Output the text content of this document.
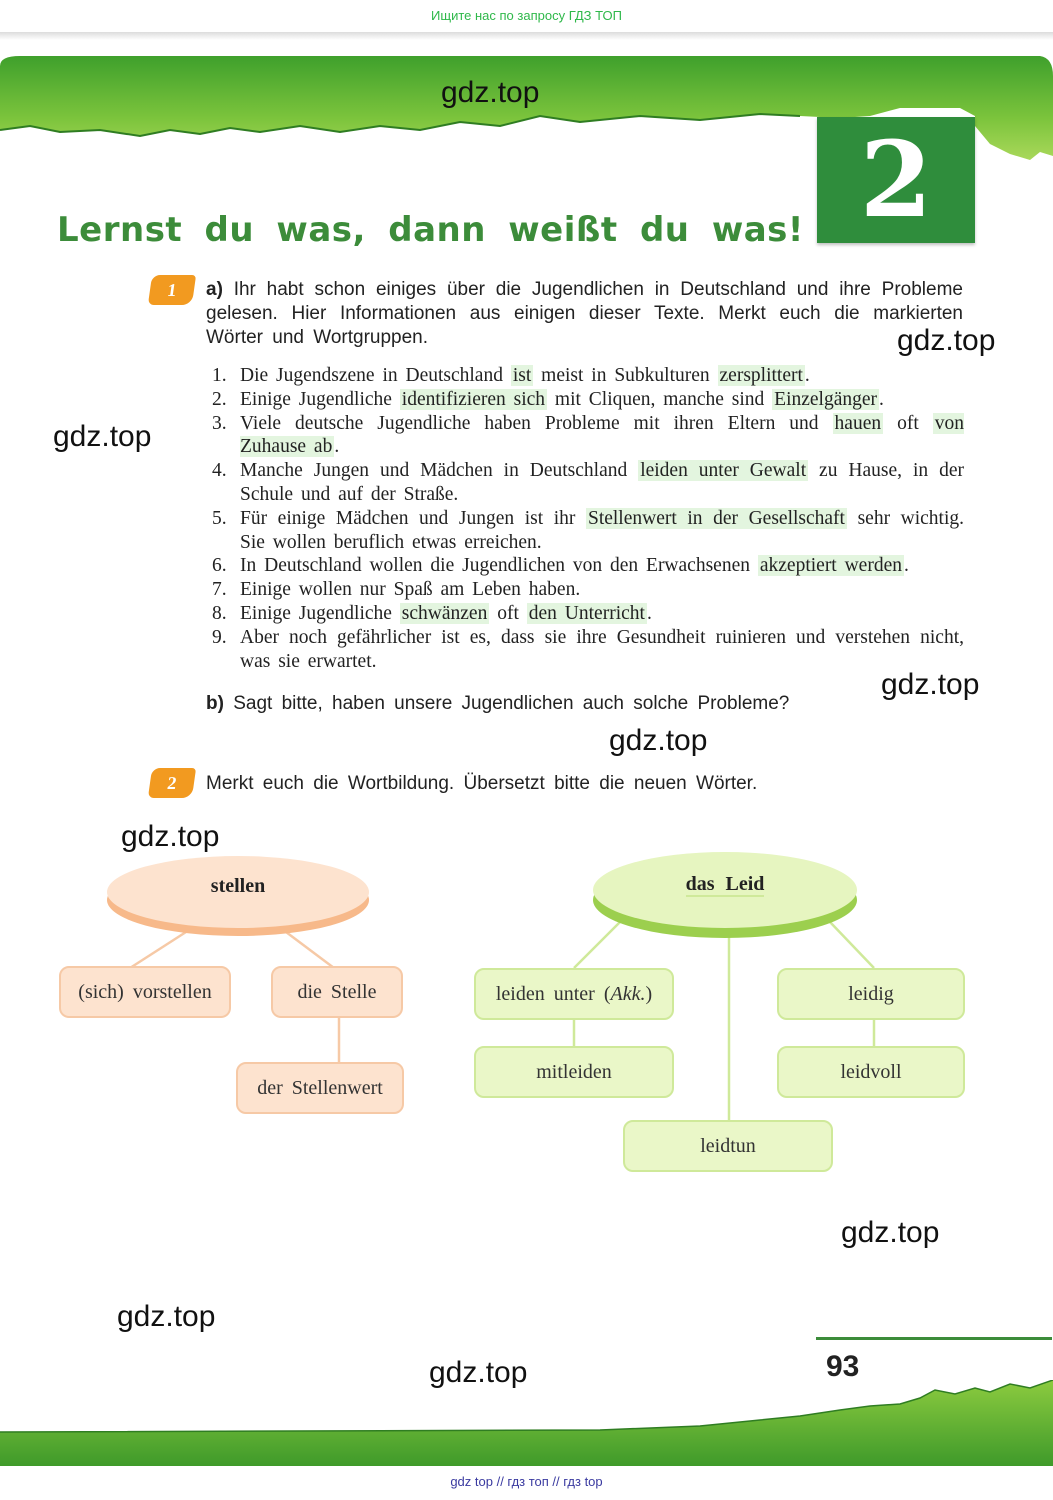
Ищите нас по запросу ГДЗ ТОП
2
Lernst du was, dann weißt du was!
gdz.top
gdz.top
gdz.top
gdz.top
gdz.top
gdz.top
gdz.top
gdz.top
gdz.top
1	a) Ihr habt schon einiges über die Jugendlichen in Deutschland und ihre Probleme gelesen. Hier Informationen aus einigen dieser Texte. Merkt euch die markierten Wörter und Wortgruppen.
1. Die Jugendszene in Deutschland ist meist in Subkulturen zersplittert .
2. Einige Jugendliche identifizieren sich mit Cliquen, manche sind Einzelgänger .
3. Viele deutsche Jugendliche haben Probleme mit ihren Eltern und hauen oft von Zuhause ab .
4. Manche Jungen und Mädchen in Deutschland leiden unter Gewalt zu Hause, in der Schule und auf der Straße.
5. Für einige Mädchen und Jungen ist ihr Stellenwert in der Gesellschaft sehr wichtig. Sie wollen beruflich etwas erreichen.
6. In Deutschland wollen die Jugendlichen von den Erwachsenen akzeptiert werden .
7. Einige wollen nur Spaß am Leben haben.
8. Einige Jugendliche schwänzen oft den Unterricht .
9. Aber noch gefährlicher ist es, dass sie ihre Gesundheit ruinieren und verstehen nicht, was sie erwartet.
b) Sagt bitte, haben unsere Jugendlichen auch solche Probleme?
2	Merkt euch die Wortbildung. Übersetzt bitte die neuen Wörter.
stellen	das Leid
(sich) vorstellen	die Stelle
der Stellenwert
leiden unter (Akk.)	leidig
mitleiden	leidvoll
leidtun
93
gdz top // гдз топ // гдз top
